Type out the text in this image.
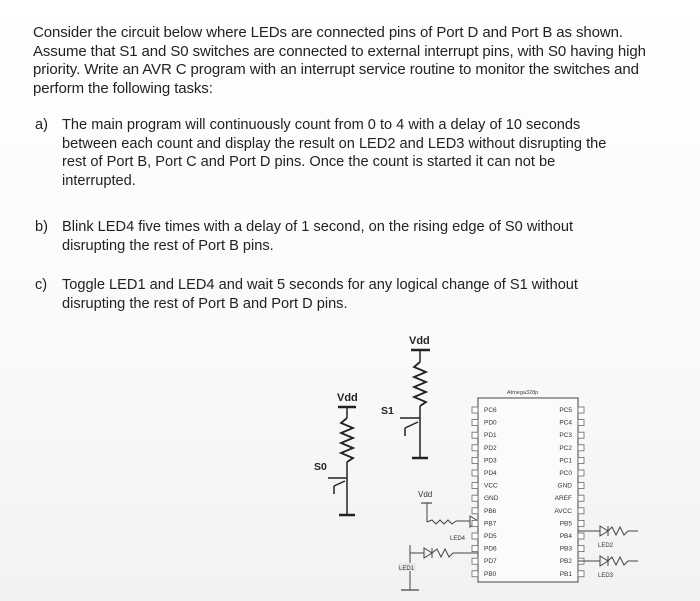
Consider the circuit below where LEDs are connected pins of Port D and Port B as shown. Assume that S1 and S0 switches are connected to external interrupt pins, with S0 having high priority. Write an AVR C program with an interrupt service routine to monitor the switches and perform the following tasks:
a) The main program will continuously count from 0 to 4 with a delay of 10 seconds between each count and display the result on LED2 and LED3 without disrupting the rest of Port B, Port C and Port D pins. Once the count is started it can not be interrupted.
b) Blink LED4 five times with a delay of 1 second, on the rising edge of S0 without disrupting the rest of Port B pins.
c) Toggle LED1 and LED4 and wait 5 seconds for any logical change of S1 without disrupting the rest of Port B and Port D pins.
Vdd
S1
Vdd
S0
Vdd
LED1
LED4
Atmega328p
PC6
PD0
PD1
PD2
PD3
PD4
VCC
GND
PB6
PB7
PD5
PD6
PD7
PB0
PC5
PC4
PC3
PC2
PC1
PC0
GND
AREF
AVCC
PB5
PB4
PB3
PB2
PB1
LED2
LED3
